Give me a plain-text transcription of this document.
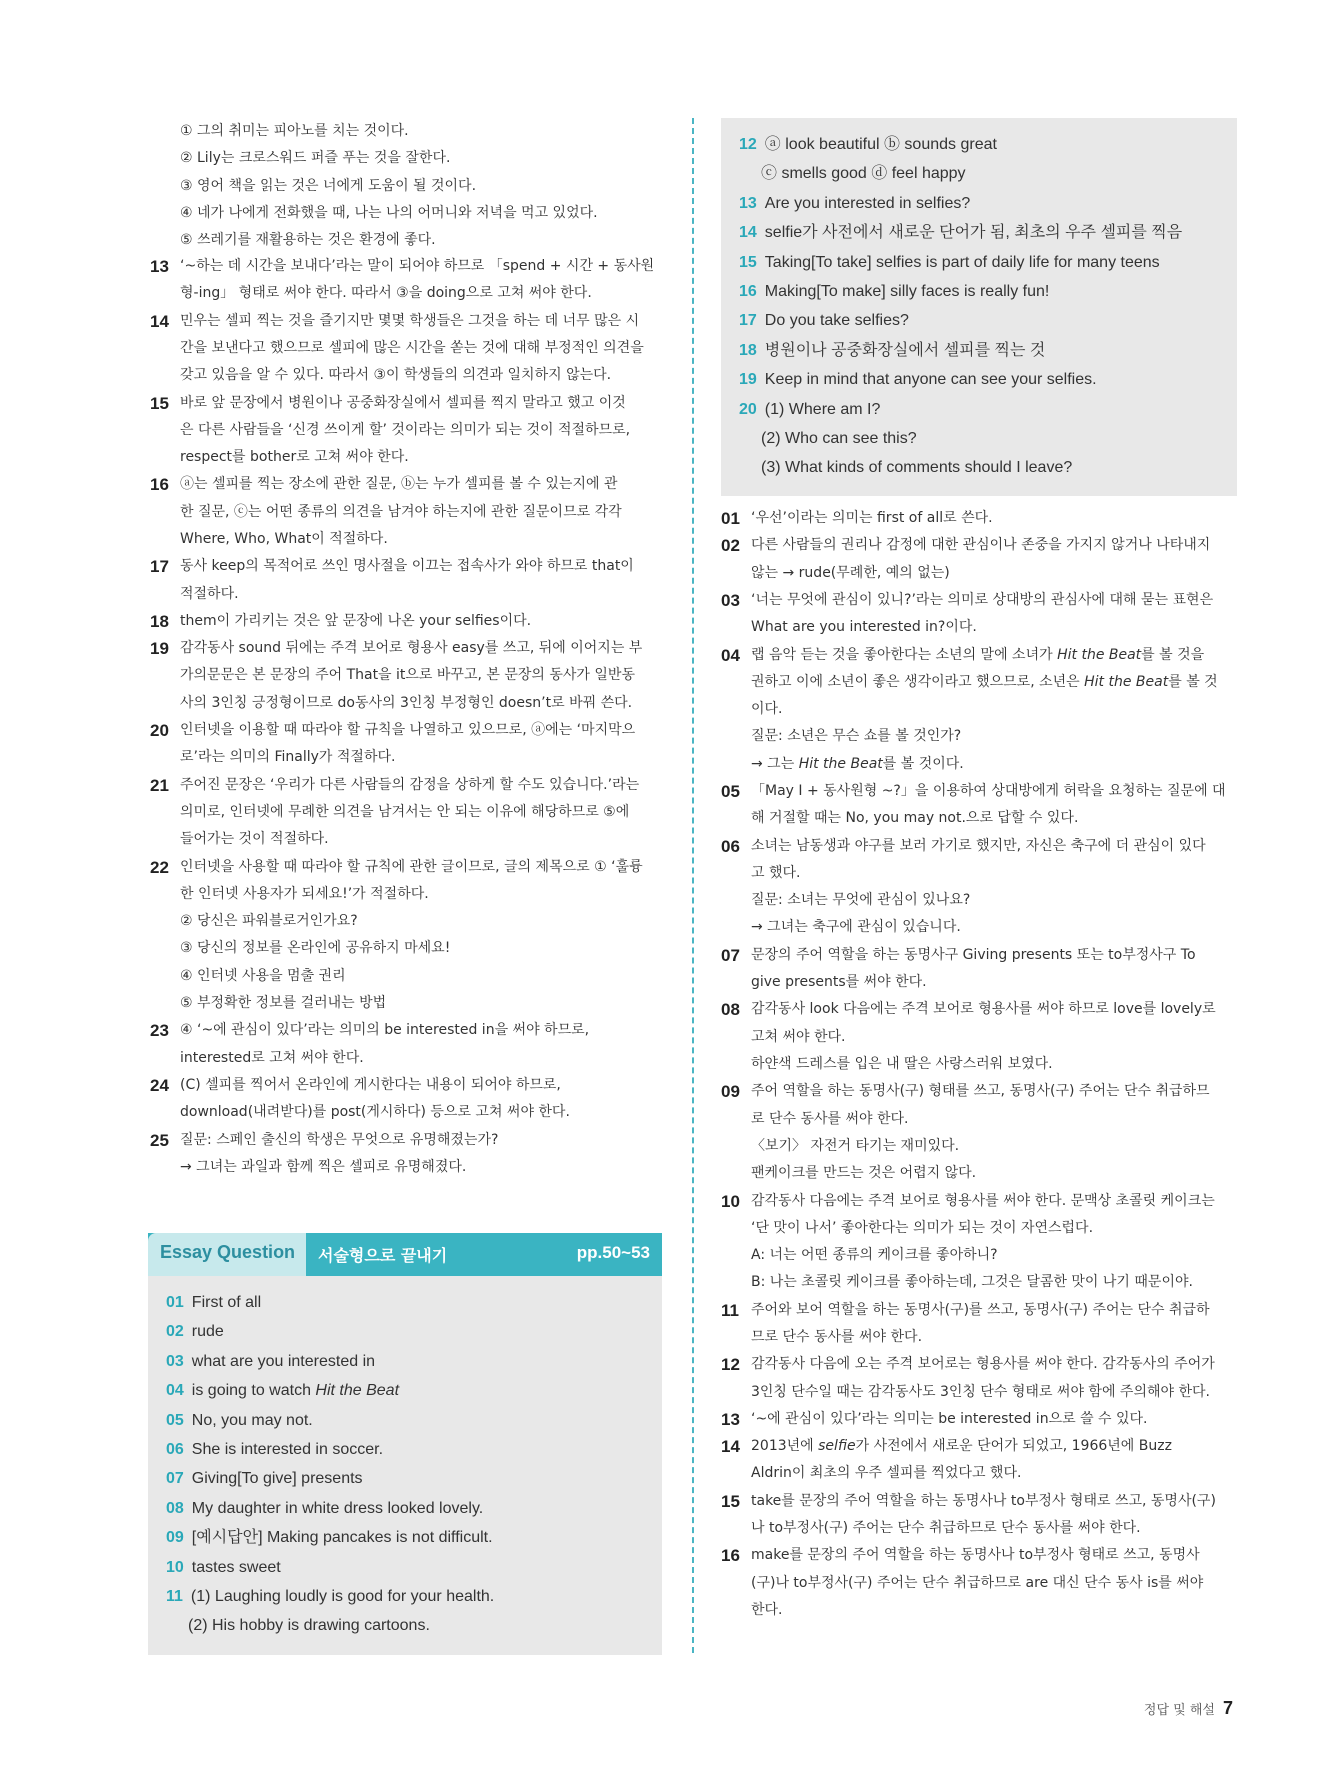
① 그의 취미는 피아노를 치는 것이다.
② Lily는 크로스워드 퍼즐 푸는 것을 잘한다.
③ 영어 책을 읽는 것은 너에게 도움이 될 것이다.
④ 네가 나에게 전화했을 때, 나는 나의 어머니와 저녁을 먹고 있었다.
⑤ 쓰레기를 재활용하는 것은 환경에 좋다.
13 ‘~하는 데 시간을 보내다’라는 말이 되어야 하므로 「spend + 시간 + 동사원
형-ing」 형태로 써야 한다. 따라서 ③을 doing으로 고쳐 써야 한다.
14 민우는 셀피 찍는 것을 즐기지만 몇몇 학생들은 그것을 하는 데 너무 많은 시
간을 보낸다고 했으므로 셀피에 많은 시간을 쏟는 것에 대해 부정적인 의견을
갖고 있음을 알 수 있다. 따라서 ③이 학생들의 의견과 일치하지 않는다.
15 바로 앞 문장에서 병원이나 공중화장실에서 셀피를 찍지 말라고 했고 이것
은 다른 사람들을 ‘신경 쓰이게 할’ 것이라는 의미가 되는 것이 적절하므로,
respect를 bother로 고쳐 써야 한다.
16 ⓐ는 셀피를 찍는 장소에 관한 질문, ⓑ는 누가 셀피를 볼 수 있는지에 관
한 질문, ⓒ는 어떤 종류의 의견을 남겨야 하는지에 관한 질문이므로 각각
Where, Who, What이 적절하다.
17 동사 keep의 목적어로 쓰인 명사절을 이끄는 접속사가 와야 하므로 that이
적절하다.
18 them이 가리키는 것은 앞 문장에 나온 your selfies이다.
19 감각동사 sound 뒤에는 주격 보어로 형용사 easy를 쓰고, 뒤에 이어지는 부
가의문문은 본 문장의 주어 That을 it으로 바꾸고, 본 문장의 동사가 일반동
사의 3인칭 긍정형이므로 do동사의 3인칭 부정형인 doesn’t로 바꿔 쓴다.
20 인터넷을 이용할 때 따라야 할 규칙을 나열하고 있으므로, ⓐ에는 ‘마지막으
로’라는 의미의 Finally가 적절하다.
21 주어진 문장은 ‘우리가 다른 사람들의 감정을 상하게 할 수도 있습니다.’라는
의미로, 인터넷에 무례한 의견을 남겨서는 안 되는 이유에 해당하므로 ⑤에
들어가는 것이 적절하다.
22 인터넷을 사용할 때 따라야 할 규칙에 관한 글이므로, 글의 제목으로 ① ‘훌륭
한 인터넷 사용자가 되세요!’가 적절하다.
② 당신은 파워블로거인가요?
③ 당신의 정보를 온라인에 공유하지 마세요!
④ 인터넷 사용을 멈출 권리
⑤ 부정확한 정보를 걸러내는 방법
23 ④ ‘~에 관심이 있다’라는 의미의 be interested in을 써야 하므로,
interested로 고쳐 써야 한다.
24 (C) 셀피를 찍어서 온라인에 게시한다는 내용이 되어야 하므로,
download(내려받다)를 post(게시하다) 등으로 고쳐 써야 한다.
25 질문: 스페인 출신의 학생은 무엇으로 유명해졌는가?
→ 그녀는 과일과 함께 찍은 셀피로 유명해졌다.
Essay Question 서술형으로 끝내기	pp.50~53
01 First of all
02 rude
03 what are you interested in
04 is going to watch Hit the Beat
05 No, you may not.
06 She is interested in soccer.
07 Giving[To give] presents
08 My daughter in white dress looked lovely.
09 [예시답안] Making pancakes is not difficult.
10 tastes sweet
11 (1) Laughing loudly is good for your health.
(2) His hobby is drawing cartoons.
12 ⓐ look beautiful ⓑ sounds great
ⓒ smells good ⓓ feel happy
13 Are you interested in selfies?
14 selfie가 사전에서 새로운 단어가 됨, 최초의 우주 셀피를 찍음
15 Taking[To take] selfies is part of daily life for many teens
16 Making[To make] silly faces is really fun!
17 Do you take selfies?
18 병원이나 공중화장실에서 셀피를 찍는 것
19 Keep in mind that anyone can see your selfies.
20 (1) Where am I?
(2) Who can see this?
(3) What kinds of comments should I leave?
01 ‘우선’이라는 의미는 first of all로 쓴다.
02 다른 사람들의 권리나 감정에 대한 관심이나 존중을 가지지 않거나 나타내지
않는 → rude(무례한, 예의 없는)
03 ‘너는 무엇에 관심이 있니?’라는 의미로 상대방의 관심사에 대해 묻는 표현은
What are you interested in?이다.
04 랩 음악 듣는 것을 좋아한다는 소년의 말에 소녀가 Hit the Beat를 볼 것을
권하고 이에 소년이 좋은 생각이라고 했으므로, 소년은 Hit the Beat를 볼 것
이다.
질문: 소년은 무슨 쇼를 볼 것인가?
→ 그는 Hit the Beat를 볼 것이다.
05 「May I + 동사원형 ~?」을 이용하여 상대방에게 허락을 요청하는 질문에 대
해 거절할 때는 No, you may not.으로 답할 수 있다.
06 소녀는 남동생과 야구를 보러 가기로 했지만, 자신은 축구에 더 관심이 있다
고 했다.
질문: 소녀는 무엇에 관심이 있나요?
→ 그녀는 축구에 관심이 있습니다.
07 문장의 주어 역할을 하는 동명사구 Giving presents 또는 to부정사구 To
give presents를 써야 한다.
08 감각동사 look 다음에는 주격 보어로 형용사를 써야 하므로 love를 lovely로
고쳐 써야 한다.
하얀색 드레스를 입은 내 딸은 사랑스러워 보였다.
09 주어 역할을 하는 동명사(구) 형태를 쓰고, 동명사(구) 주어는 단수 취급하므
로 단수 동사를 써야 한다.
〈보기〉 자전거 타기는 재미있다.
팬케이크를 만드는 것은 어렵지 않다.
10 감각동사 다음에는 주격 보어로 형용사를 써야 한다. 문맥상 초콜릿 케이크는
‘단 맛이 나서’ 좋아한다는 의미가 되는 것이 자연스럽다.
A: 너는 어떤 종류의 케이크를 좋아하니?
B: 나는 초콜릿 케이크를 좋아하는데, 그것은 달콤한 맛이 나기 때문이야.
11 주어와 보어 역할을 하는 동명사(구)를 쓰고, 동명사(구) 주어는 단수 취급하
므로 단수 동사를 써야 한다.
12 감각동사 다음에 오는 주격 보어로는 형용사를 써야 한다. 감각동사의 주어가
3인칭 단수일 때는 감각동사도 3인칭 단수 형태로 써야 함에 주의해야 한다.
13 ‘~에 관심이 있다’라는 의미는 be interested in으로 쓸 수 있다.
14 2013년에 selfie가 사전에서 새로운 단어가 되었고, 1966년에 Buzz
Aldrin이 최초의 우주 셀피를 찍었다고 했다.
15 take를 문장의 주어 역할을 하는 동명사나 to부정사 형태로 쓰고, 동명사(구)
나 to부정사(구) 주어는 단수 취급하므로 단수 동사를 써야 한다.
16 make를 문장의 주어 역할을 하는 동명사나 to부정사 형태로 쓰고, 동명사
(구)나 to부정사(구) 주어는 단수 취급하므로 are 대신 단수 동사 is를 써야
한다.
정답 및 해설 7
